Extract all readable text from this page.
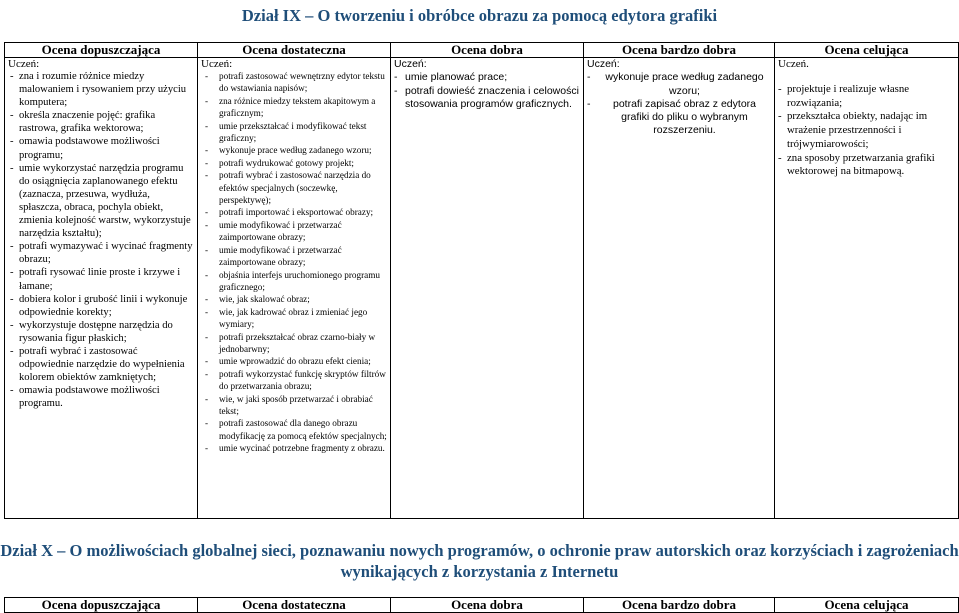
Dział IX – O tworzeniu i obróbce obrazu za pomocą edytora grafiki
Ocena dopuszczająca	Ocena dostateczna	Ocena dobra	Ocena bardzo dobra	Ocena celująca
Uczeń:
- zna i rozumie różnice miedzy malowaniem i rysowaniem przy użyciu komputera;
- określa znaczenie pojęć: grafika rastrowa, grafika wektorowa;
- omawia podstawowe możliwości programu;
- umie wykorzystać narzędzia programu do osiągnięcia zaplanowanego efektu (zaznacza, przesuwa, wydłuża, spłaszcza, obraca, pochyla obiekt, zmienia kolejność warstw, wykorzystuje narzędzia kształtu);
- potrafi wymazywać i wycinać fragmenty obrazu;
- potrafi rysować linie proste i krzywe i łamane;
- dobiera kolor i grubość linii i wykonuje odpowiednie korekty;
- wykorzystuje dostępne narzędzia do rysowania figur płaskich;
- potrafi wybrać i zastosować odpowiednie narzędzie do wypełnienia kolorem obiektów zamkniętych;
- omawia podstawowe możliwości programu.

Uczeń:
- potrafi zastosować wewnętrzny edytor tekstu do wstawiania napisów;
- zna różnice miedzy tekstem akapitowym a graficznym;
- umie przekształcać i modyfikować tekst graficzny;
- wykonuje prace według zadanego wzoru;
- potrafi wydrukować gotowy projekt;
- potrafi wybrać i zastosować narzędzia do efektów specjalnych (soczewkę, perspektywę);
- potrafi importować i eksportować obrazy;
- umie modyfikować i przetwarzać zaimportowane obrazy;
- umie modyfikować i przetwarzać zaimportowane obrazy;
- objaśnia interfejs uruchomionego programu graficznego;
- wie, jak skalować obraz;
- wie, jak kadrować obraz i zmieniać jego wymiary;
- potrafi przekształcać obraz czarno-biały w jednobarwny;
- umie wprowadzić do obrazu efekt cienia;
- potrafi wykorzystać funkcję skryptów filtrów do przetwarzania obrazu;
- wie, w jaki sposób przetwarzać i obrabiać tekst;
- potrafi zastosować dla danego obrazu modyfikację za pomocą efektów specjalnych;
- umie wycinać potrzebne fragmenty z obrazu.

Uczeń:
- umie planować prace;
- potrafi dowieść znaczenia i celowości stosowania programów graficznych.

Uczeń:
- wykonuje prace według zadanego wzoru;
- potrafi zapisać obraz z edytora grafiki do pliku o wybranym rozszerzeniu.

Uczeń.
- projektuje i realizuje własne rozwiązania;
- przekształca obiekty, nadając im wrażenie przestrzenności i trójwymiarowości;
- zna sposoby przetwarzania grafiki wektorowej na bitmapową.
Dział X – O możliwościach globalnej sieci, poznawaniu nowych programów, o ochronie praw autorskich oraz korzyściach i zagrożeniach wynikających z korzystania z Internetu
Ocena dopuszczająca	Ocena dostateczna	Ocena dobra	Ocena bardzo dobra	Ocena celująca
